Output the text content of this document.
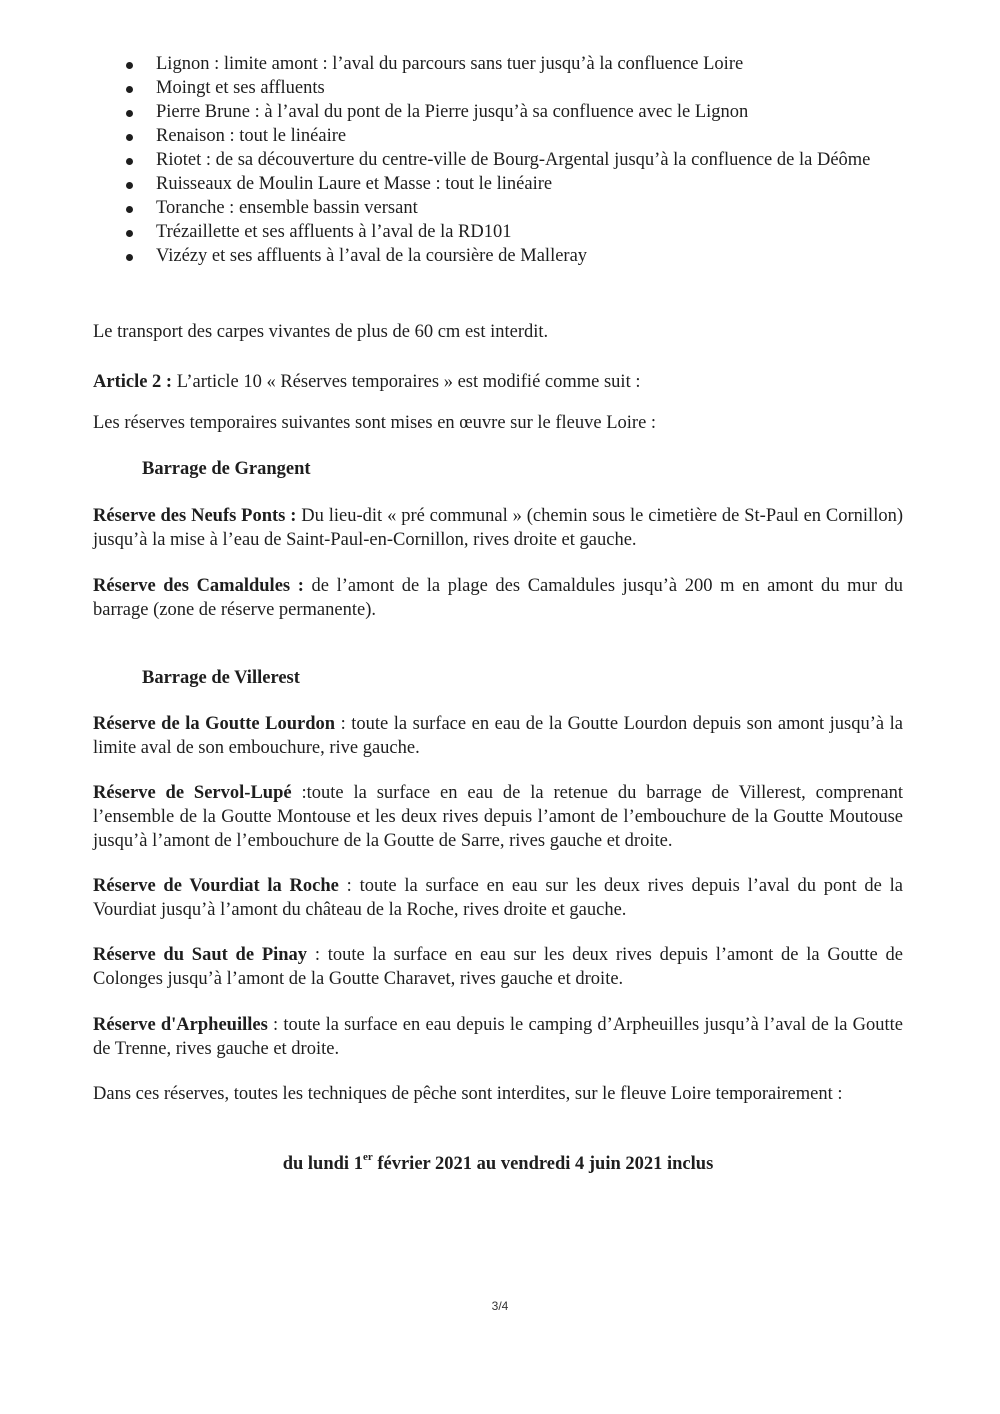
Lignon : limite amont : l’aval du parcours sans tuer jusqu’à la confluence Loire
Moingt et ses affluents
Pierre Brune : à l’aval du pont de la Pierre jusqu’à sa confluence avec le Lignon
Renaison : tout le linéaire
Riotet : de sa découverture du centre-ville de Bourg-Argental jusqu’à la confluence de la Déôme
Ruisseaux de Moulin Laure et Masse : tout le linéaire
Toranche : ensemble bassin versant
Trézaillette et ses affluents à l’aval de la RD101
Vizézy et ses affluents à l’aval de la coursière de Malleray

Le transport des carpes vivantes de plus de 60 cm est interdit.

Article 2 : L’article 10 « Réserves temporaires » est modifié comme suit :

Les réserves temporaires suivantes sont mises en œuvre sur le fleuve Loire :

Barrage de Grangent

Réserve des Neufs Ponts : Du lieu-dit « pré communal » (chemin sous le cimetière de St-Paul en Cornillon) jusqu’à la mise à l’eau de Saint-Paul-en-Cornillon, rives droite et gauche.

Réserve des Camaldules : de l’amont de la plage des Camaldules jusqu’à 200 m en amont du mur du barrage (zone de réserve permanente).

Barrage de Villerest

Réserve de la Goutte Lourdon : toute la surface en eau de la Goutte Lourdon depuis son amont jusqu’à la limite aval de son embouchure, rive gauche.

Réserve de Servol-Lupé :toute la surface en eau de la retenue du barrage de Villerest, comprenant l’ensemble de la Goutte Montouse et les deux rives depuis l’amont de l’embouchure de la Goutte Moutouse jusqu’à l’amont de l’embouchure de la Goutte de Sarre, rives gauche et droite.

Réserve de Vourdiat la Roche : toute la surface en eau sur les deux rives depuis l’aval du pont de la Vourdiat jusqu’à l’amont du château de la Roche, rives droite et gauche.

Réserve du Saut de Pinay : toute la surface en eau sur les deux rives depuis l’amont de la Goutte de Colonges jusqu’à l’amont de la Goutte Charavet, rives gauche et droite.

Réserve d'Arpheuilles : toute la surface en eau depuis le camping d’Arpheuilles jusqu’à l’aval de la Goutte de Trenne, rives gauche et droite.

Dans ces réserves, toutes les techniques de pêche sont interdites, sur le fleuve Loire temporairement :

du lundi 1er février 2021 au vendredi 4 juin 2021 inclus

3/4
